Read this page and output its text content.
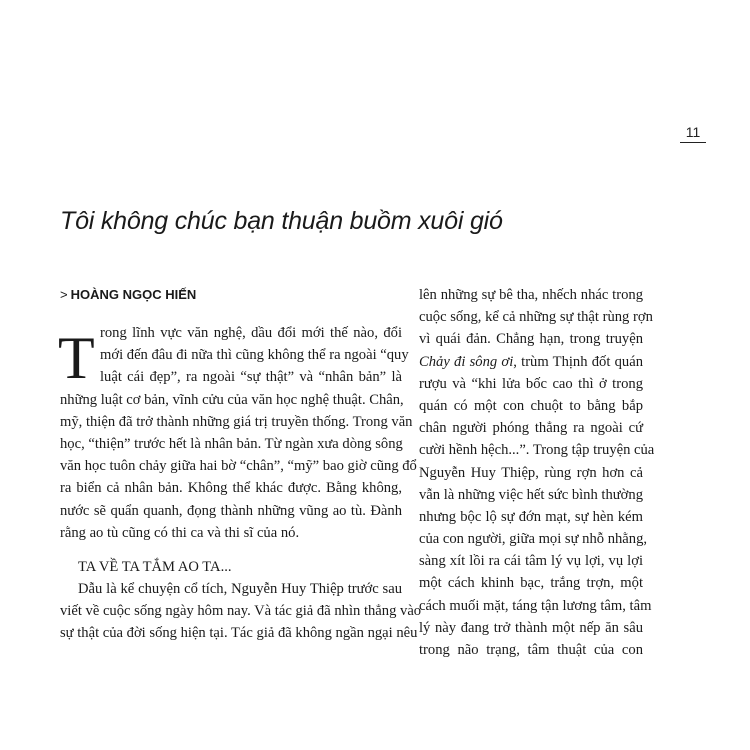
11
Tôi không chúc bạn thuận buồm xuôi gió
> HOÀNG NGỌC HIẾN
T rong lĩnh vực văn nghệ, dầu đổi mới thế nào, đổi
mới đến đâu đi nữa thì cũng không thể ra ngoài “quy
luật cái đẹp”, ra ngoài “sự thật” và “nhân bản” là
những luật cơ bản, vĩnh cửu của văn học nghệ thuật. Chân,
mỹ, thiện đã trở thành những giá trị truyền thống. Trong văn
học, “thiện” trước hết là nhân bản. Từ ngàn xưa dòng sông
văn học tuôn chảy giữa hai bờ “chân”, “mỹ” bao giờ cũng đổ
ra biển cả nhân bản. Không thể khác được. Bằng không,
nước sẽ quẩn quanh, đọng thành những vũng ao tù. Đành
rằng ao tù cũng có thi ca và thi sĩ của nó.
TA VỀ TA TẮM AO TA...
Dẫu là kể chuyện cổ tích, Nguyễn Huy Thiệp trước sau
viết về cuộc sống ngày hôm nay. Và tác giả đã nhìn thẳng vào
sự thật của đời sống hiện tại. Tác giả đã không ngần ngại nêu
lên những sự bê tha, nhếch nhác trong
cuộc sống, kể cả những sự thật rùng rợn
vì quái đản. Chẳng hạn, trong truyện
Chảy đi sông ơi, trùm Thịnh đốt quán
rượu và “khi lửa bốc cao thì ở trong
quán có một con chuột to bằng bắp
chân người phóng thẳng ra ngoài cứ
cười hềnh hệch...”. Trong tập truyện của
Nguyễn Huy Thiệp, rùng rợn hơn cả
vẫn là những việc hết sức bình thường
nhưng bộc lộ sự đớn mạt, sự hèn kém
của con người, giữa mọi sự nhỗ nhằng,
sàng xít lồi ra cái tâm lý vụ lợi, vụ lợi
một cách khinh bạc, trắng trợn, một
cách muối mặt, táng tận lương tâm, tâm
lý này đang trở thành một nếp ăn sâu
trong não trạng, tâm thuật của con
